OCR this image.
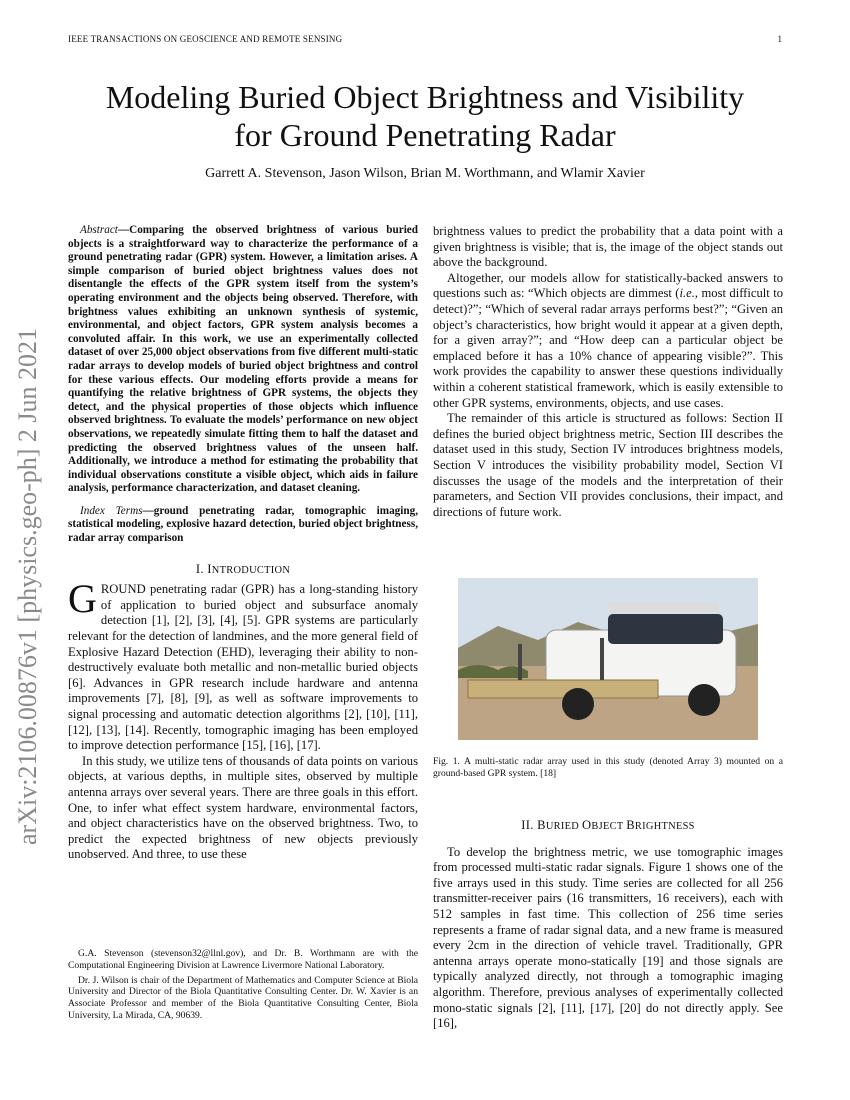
IEEE TRANSACTIONS ON GEOSCIENCE AND REMOTE SENSING	1
arXiv:2106.00876v1 [physics.geo-ph] 2 Jun 2021
Modeling Buried Object Brightness and Visibility
for Ground Penetrating Radar
Garrett A. Stevenson, Jason Wilson, Brian M. Worthmann, and Wlamir Xavier

Abstract—Comparing the observed brightness of various buried objects is a straightforward way to characterize the performance of a ground penetrating radar (GPR) system. However, a limitation arises. A simple comparison of buried object brightness values does not disentangle the effects of the GPR system itself from the system’s operating environment and the objects being observed. Therefore, with brightness values exhibiting an unknown synthesis of systemic, environmental, and object factors, GPR system analysis becomes a convoluted affair. In this work, we use an experimentally collected dataset of over 25,000 object observations from five different multi-static radar arrays to develop models of buried object brightness and control for these various effects. Our modeling efforts provide a means for quantifying the relative brightness of GPR systems, the objects they detect, and the physical properties of those objects which influence observed brightness. To evaluate the models’ performance on new object observations, we repeatedly simulate fitting them to half the dataset and predicting the observed brightness values of the unseen half. Additionally, we introduce a method for estimating the probability that individual observations constitute a visible object, which aids in failure analysis, performance characterization, and dataset cleaning.

Index Terms—ground penetrating radar, tomographic imaging, statistical modeling, explosive hazard detection, buried object brightness, radar array comparison

I. INTRODUCTION

GROUND penetrating radar (GPR) has a long-standing history of application to buried object and subsurface anomaly detection [1], [2], [3], [4], [5]. GPR systems are particularly relevant for the detection of landmines, and the more general field of Explosive Hazard Detection (EHD), leveraging their ability to non-destructively evaluate both metallic and non-metallic buried objects [6]. Advances in GPR research include hardware and antenna improvements [7], [8], [9], as well as software improvements to signal processing and automatic detection algorithms [2], [10], [11], [12], [13], [14]. Recently, tomographic imaging has been employed to improve detection performance [15], [16], [17].

In this study, we utilize tens of thousands of data points on various objects, at various depths, in multiple sites, observed by multiple antenna arrays over several years. There are three goals in this effort. One, to infer what effect system hardware, environmental factors, and object characteristics have on the observed brightness. Two, to predict the expected brightness of new objects previously unobserved. And three, to use these

G.A. Stevenson (stevenson32@llnl.gov), and Dr. B. Worthmann are with the Computational Engineering Division at Lawrence Livermore National Laboratory.

Dr. J. Wilson is chair of the Department of Mathematics and Computer Science at Biola University and Director of the Biola Quantitative Consulting Center. Dr. W. Xavier is an Associate Professor and member of the Biola Quantitative Consulting Center, Biola University, La Mirada, CA, 90639.

brightness values to predict the probability that a data point with a given brightness is visible; that is, the image of the object stands out above the background.

Altogether, our models allow for statistically-backed answers to questions such as: “Which objects are dimmest (i.e., most difficult to detect)?”; “Which of several radar arrays performs best?”; “Given an object’s characteristics, how bright would it appear at a given depth, for a given array?”; and “How deep can a particular object be emplaced before it has a 10% chance of appearing visible?”. This work provides the capability to answer these questions individually within a coherent statistical framework, which is easily extensible to other GPR systems, environments, objects, and use cases.

The remainder of this article is structured as follows: Section II defines the buried object brightness metric, Section III describes the dataset used in this study, Section IV introduces brightness models, Section V introduces the visibility probability model, Section VI discusses the usage of the models and the interpretation of their parameters, and Section VII provides conclusions, their impact, and directions of future work.

Fig. 1. A multi-static radar array used in this study (denoted Array 3) mounted on a ground-based GPR system. [18]
II. BURIED OBJECT BRIGHTNESS

To develop the brightness metric, we use tomographic images from processed multi-static radar signals. Figure 1 shows one of the five arrays used in this study. Time series are collected for all 256 transmitter-receiver pairs (16 transmitters, 16 receivers), each with 512 samples in fast time. This collection of 256 time series represents a frame of radar signal data, and a new frame is measured every 2cm in the direction of vehicle travel. Traditionally, GPR antenna arrays operate mono-statically [19] and those signals are typically analyzed directly, not through a tomographic imaging algorithm. Therefore, previous analyses of experimentally collected mono-static signals [2], [11], [17], [20] do not directly apply. See [16],
